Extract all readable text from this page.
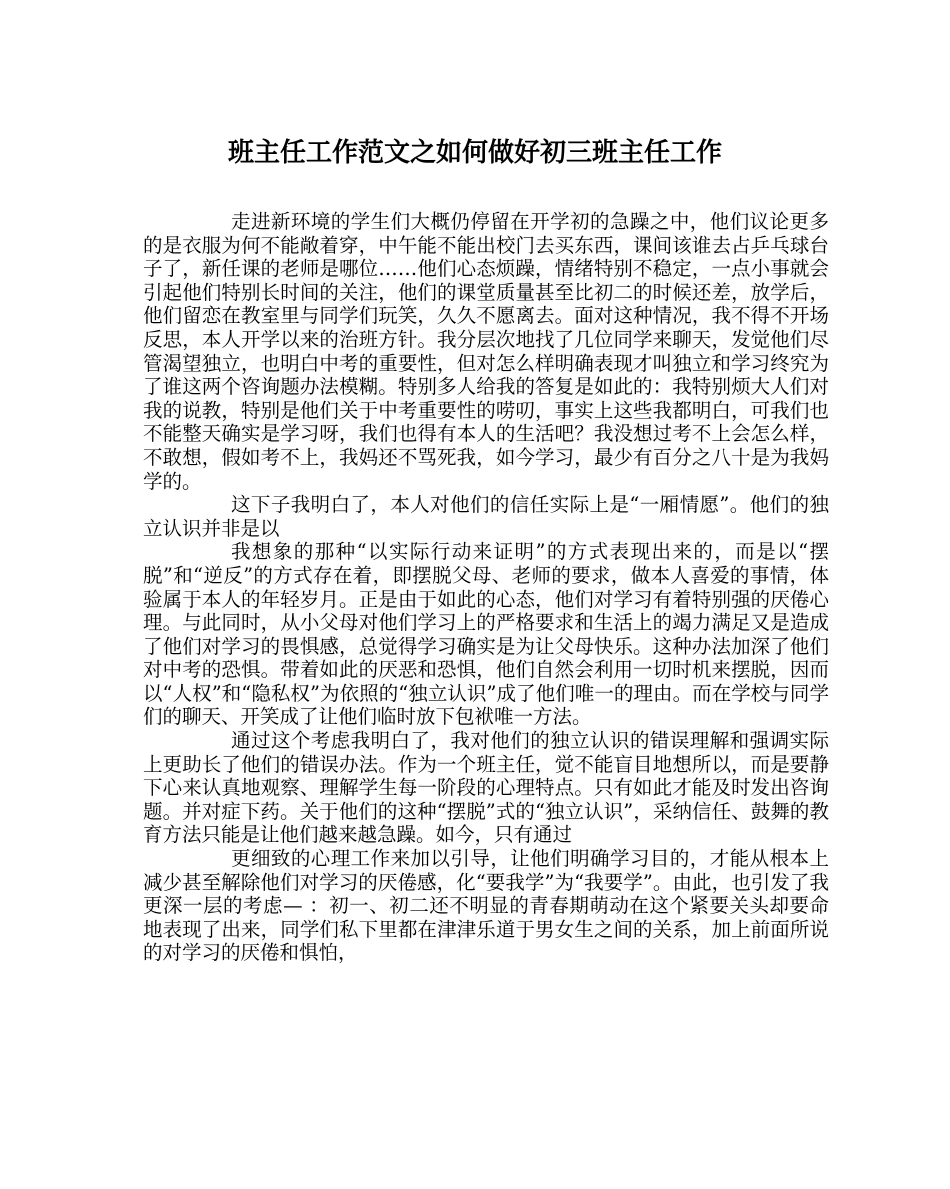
班主任工作范文之如何做好初三班主任工作

走进新环境的学生们大概仍停留在开学初的急躁之中，他们议论更多的是衣服为何不能敞着穿，中午能不能出校门去买东西，课间该谁去占乒乓球台子了，新任课的老师是哪位……他们心态烦躁，情绪特别不稳定，一点小事就会引起他们特别长时间的关注，他们的课堂质量甚至比初二的时候还差，放学后，他们留恋在教室里与同学们玩笑，久久不愿离去。面对这种情况，我不得不开场反思，本人开学以来的治班方针。我分层次地找了几位同学来聊天，发觉他们尽管渴望独立，也明白中考的重要性，但对怎么样明确表现才叫独立和学习终究为了谁这两个咨询题办法模糊。特别多人给我的答复是如此的：我特别烦大人们对我的说教，特别是他们关于中考重要性的唠叨，事实上这些我都明白，可我们也不能整天确实是学习呀，我们也得有本人的生活吧？我没想过考不上会怎么样，不敢想，假如考不上，我妈还不骂死我，如今学习，最少有百分之八十是为我妈学的。

这下子我明白了，本人对他们的信任实际上是“一厢情愿”。他们的独立认识并非是以

我想象的那种“以实际行动来证明”的方式表现出来的，而是以“摆脱”和“逆反”的方式存在着，即摆脱父母、老师的要求，做本人喜爱的事情，体验属于本人的年轻岁月。正是由于如此的心态，他们对学习有着特别强的厌倦心理。与此同时，从小父母对他们学习上的严格要求和生活上的竭力满足又是造成了他们对学习的畏惧感，总觉得学习确实是为让父母快乐。这种办法加深了他们对中考的恐惧。带着如此的厌恶和恐惧，他们自然会利用一切时机来摆脱，因而以“人权”和“隐私权”为依照的“独立认识”成了他们唯一的理由。而在学校与同学们的聊天、开笑成了让他们临时放下包袱唯一方法。

通过这个考虑我明白了，我对他们的独立认识的错误理解和强调实际上更助长了他们的错误办法。作为一个班主任，觉不能盲目地想所以，而是要静下心来认真地观察、理解学生每一阶段的心理特点。只有如此才能及时发出咨询题。并对症下药。关于他们的这种“摆脱”式的“独立认识”，采纳信任、鼓舞的教育方法只能是让他们越来越急躁。如今，只有通过

更细致的心理工作来加以引导，让他们明确学习目的，才能从根本上减少甚至解除他们对学习的厌倦感，化“要我学”为“我要学”。由此，也引发了我更深一层的考虑— ：初一、初二还不明显的青春期萌动在这个紧要关头却要命地表现了出来，同学们私下里都在津津乐道于男女生之间的关系，加上前面所说的对学习的厌倦和惧怕，
